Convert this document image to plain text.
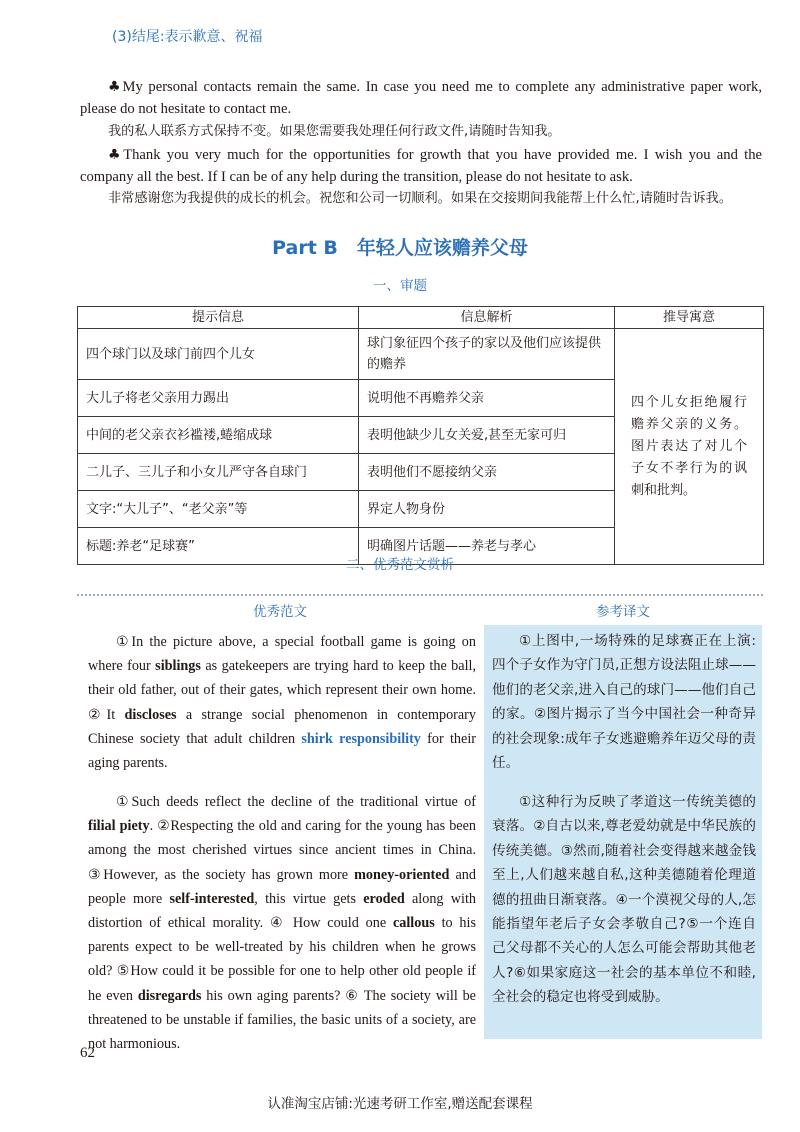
(3)结尾:表示歉意、祝福
♣My personal contacts remain the same. In case you need me to complete any administrative paper work, please do not hesitate to contact me.
我的私人联系方式保持不变。如果您需要我处理任何行政文件,请随时告知我。
♣Thank you very much for the opportunities for growth that you have provided me. I wish you and the company all the best. If I can be of any help during the transition, please do not hesitate to ask.
非常感谢您为我提供的成长的机会。祝您和公司一切顺利。如果在交接期间我能帮上什么忙,请随时告诉我。
Part B　年轻人应该赡养父母
一、审题
提示信息	信息解析	推导寓意
四个球门以及球门前四个儿女	球门象征四个孩子的家以及他们应该提供的赡养	四个儿女拒绝履行赡养父亲的义务。图片表达了对儿个子女不孝行为的讽刺和批判。
大儿子将老父亲用力踢出	说明他不再赡养父亲	
中间的老父亲衣衫褴褛,蜷缩成球	表明他缺少儿女关爱,甚至无家可归	
二儿子、三儿子和小女儿严守各自球门	表明他们不愿接纳父亲	
文字:“大儿子”、“老父亲”等	界定人物身份	
标题:养老“足球赛”	明确图片话题——养老与孝心	
二、优秀范文赏析
优秀范文	参考译文

①In the picture above, a special football game is going on where four siblings as gatekeepers are trying hard to keep the ball, their old father, out of their gates, which represent their own home. ②It discloses a strange social phenomenon in contemporary Chinese society that adult children shirk responsibility for their aging parents.

①Such deeds reflect the decline of the traditional virtue of filial piety. ②Respecting the old and caring for the young has been among the most cherished virtues since ancient times in China. ③However, as the society has grown more money-oriented and people more self-interested, this virtue gets eroded along with distortion of ethical morality. ④ How could one callous to his parents expect to be well-treated by his children when he grows old? ⑤How could it be possible for one to help other old people if he even disregards his own aging parents? ⑥ The society will be threatened to be unstable if families, the basic units of a society, are not harmonious.

①上图中,一场特殊的足球赛正在上演:四个子女作为守门员,正想方设法阻止球——他们的老父亲,进入自己的球门——他们自己的家。②图片揭示了当今中国社会一种奇异的社会现象:成年子女逃避赡养年迈父母的责任。

①这种行为反映了孝道这一传统美德的衰落。②自古以来,尊老爱幼就是中华民族的传统美德。③然而,随着社会变得越来越金钱至上,人们越来越自私,这种美德随着伦理道德的扭曲日渐衰落。④一个漠视父母的人,怎能指望年老后子女会孝敬自己?⑤一个连自己父母都不关心的人怎么可能会帮助其他老人?⑥如果家庭这一社会的基本单位不和睦,全社会的稳定也将受到威胁。

62
认准淘宝店铺:光速考研工作室,赠送配套课程
